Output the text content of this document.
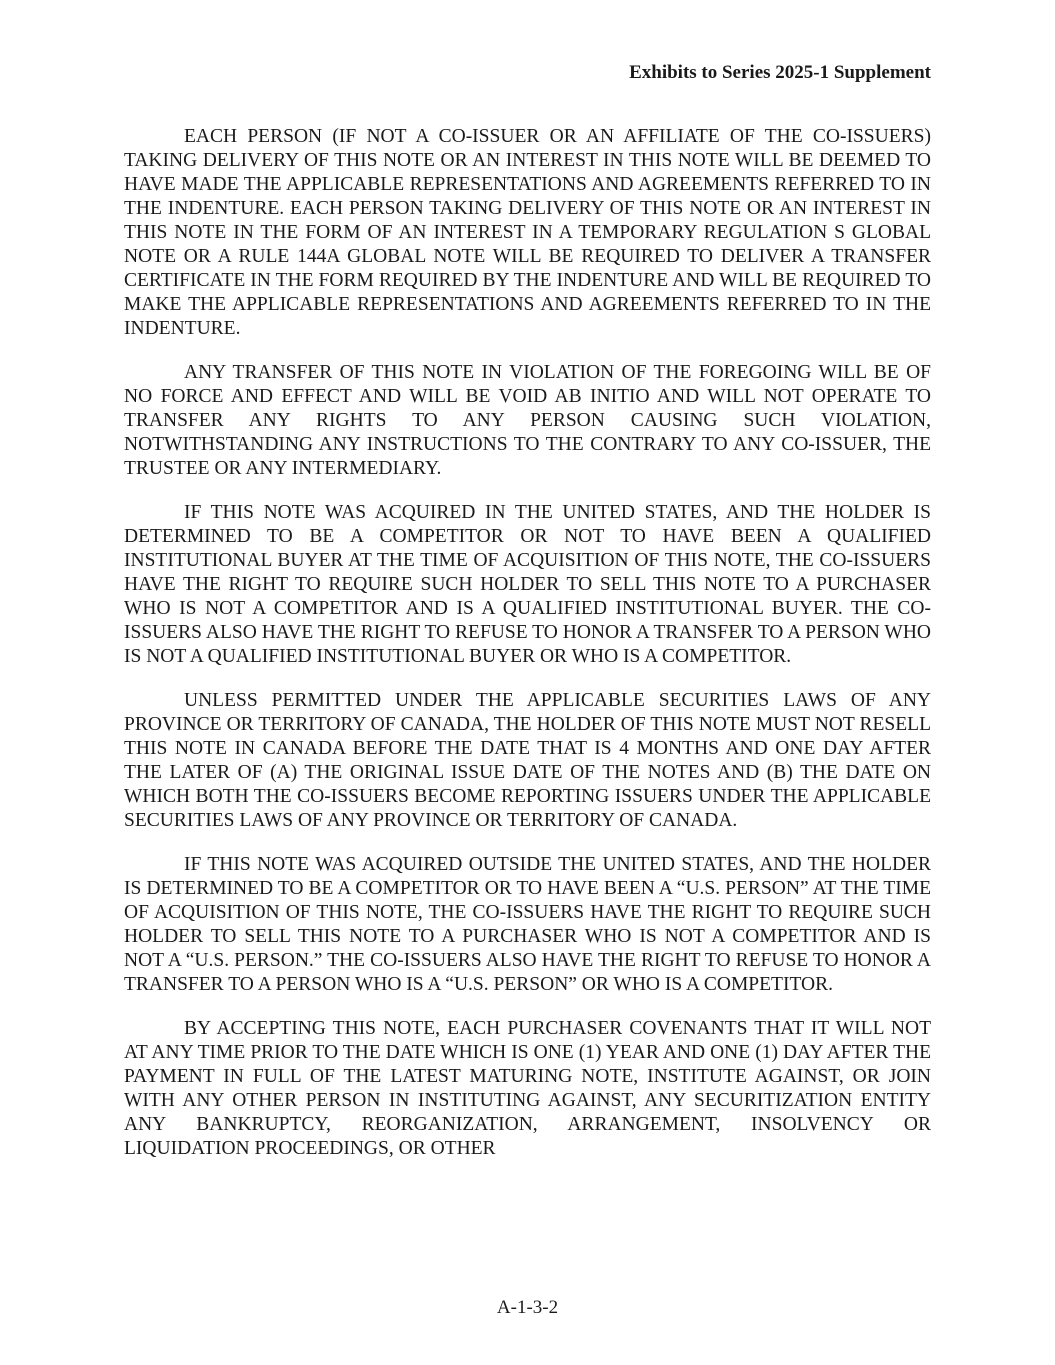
Exhibits to Series 2025-1 Supplement

EACH PERSON (IF NOT A CO-ISSUER OR AN AFFILIATE OF THE CO-ISSUERS) TAKING DELIVERY OF THIS NOTE OR AN INTEREST IN THIS NOTE WILL BE DEEMED TO HAVE MADE THE APPLICABLE REPRESENTATIONS AND AGREEMENTS REFERRED TO IN THE INDENTURE. EACH PERSON TAKING DELIVERY OF THIS NOTE OR AN INTEREST IN THIS NOTE IN THE FORM OF AN INTEREST IN A TEMPORARY REGULATION S GLOBAL NOTE OR A RULE 144A GLOBAL NOTE WILL BE REQUIRED TO DELIVER A TRANSFER CERTIFICATE IN THE FORM REQUIRED BY THE INDENTURE AND WILL BE REQUIRED TO MAKE THE APPLICABLE REPRESENTATIONS AND AGREEMENTS REFERRED TO IN THE INDENTURE.

ANY TRANSFER OF THIS NOTE IN VIOLATION OF THE FOREGOING WILL BE OF NO FORCE AND EFFECT AND WILL BE VOID AB INITIO AND WILL NOT OPERATE TO TRANSFER ANY RIGHTS TO ANY PERSON CAUSING SUCH VIOLATION, NOTWITHSTANDING ANY INSTRUCTIONS TO THE CONTRARY TO ANY CO-ISSUER, THE TRUSTEE OR ANY INTERMEDIARY.

IF THIS NOTE WAS ACQUIRED IN THE UNITED STATES, AND THE HOLDER IS DETERMINED TO BE A COMPETITOR OR NOT TO HAVE BEEN A QUALIFIED INSTITUTIONAL BUYER AT THE TIME OF ACQUISITION OF THIS NOTE, THE CO-ISSUERS HAVE THE RIGHT TO REQUIRE SUCH HOLDER TO SELL THIS NOTE TO A PURCHASER WHO IS NOT A COMPETITOR AND IS A QUALIFIED INSTITUTIONAL BUYER. THE CO-ISSUERS ALSO HAVE THE RIGHT TO REFUSE TO HONOR A TRANSFER TO A PERSON WHO IS NOT A QUALIFIED INSTITUTIONAL BUYER OR WHO IS A COMPETITOR.

UNLESS PERMITTED UNDER THE APPLICABLE SECURITIES LAWS OF ANY PROVINCE OR TERRITORY OF CANADA, THE HOLDER OF THIS NOTE MUST NOT RESELL THIS NOTE IN CANADA BEFORE THE DATE THAT IS 4 MONTHS AND ONE DAY AFTER THE LATER OF (A) THE ORIGINAL ISSUE DATE OF THE NOTES AND (B) THE DATE ON WHICH BOTH THE CO-ISSUERS BECOME REPORTING ISSUERS UNDER THE APPLICABLE SECURITIES LAWS OF ANY PROVINCE OR TERRITORY OF CANADA.

IF THIS NOTE WAS ACQUIRED OUTSIDE THE UNITED STATES, AND THE HOLDER IS DETERMINED TO BE A COMPETITOR OR TO HAVE BEEN A “U.S. PERSON” AT THE TIME OF ACQUISITION OF THIS NOTE, THE CO-ISSUERS HAVE THE RIGHT TO REQUIRE SUCH HOLDER TO SELL THIS NOTE TO A PURCHASER WHO IS NOT A COMPETITOR AND IS NOT A “U.S. PERSON.” THE CO-ISSUERS ALSO HAVE THE RIGHT TO REFUSE TO HONOR A TRANSFER TO A PERSON WHO IS A “U.S. PERSON” OR WHO IS A COMPETITOR.

BY ACCEPTING THIS NOTE, EACH PURCHASER COVENANTS THAT IT WILL NOT AT ANY TIME PRIOR TO THE DATE WHICH IS ONE (1) YEAR AND ONE (1) DAY AFTER THE PAYMENT IN FULL OF THE LATEST MATURING NOTE, INSTITUTE AGAINST, OR JOIN WITH ANY OTHER PERSON IN INSTITUTING AGAINST, ANY SECURITIZATION ENTITY ANY BANKRUPTCY, REORGANIZATION, ARRANGEMENT, INSOLVENCY OR LIQUIDATION PROCEEDINGS, OR OTHER

A-1-3-2
